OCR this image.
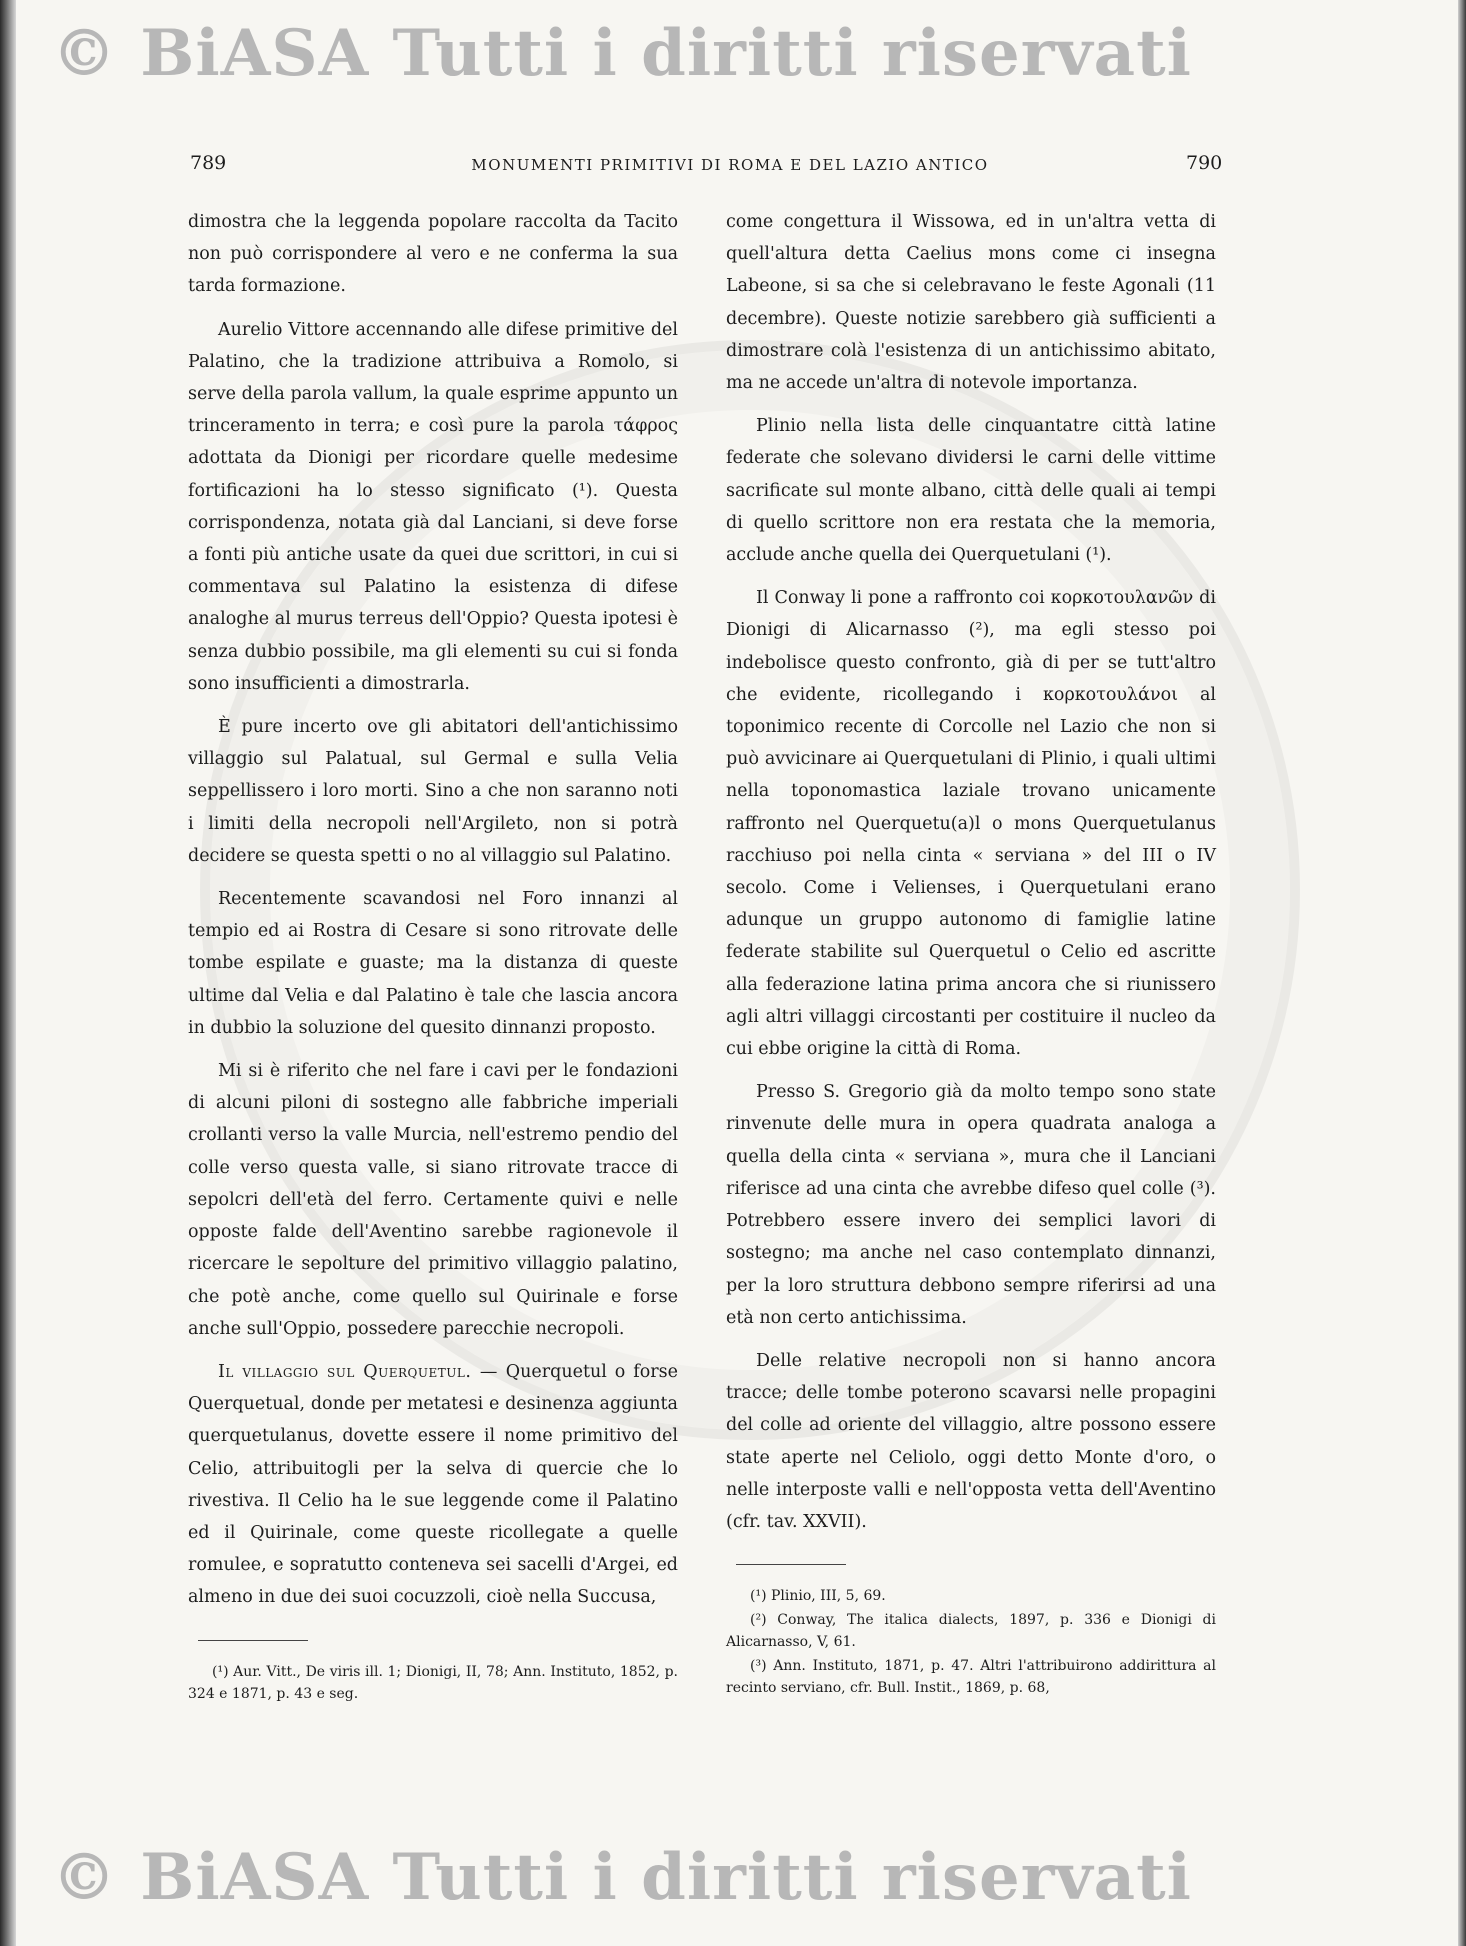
© BiASA Tutti i diritti riservati
789	MONUMENTI PRIMITIVI DI ROMA E DEL LAZIO ANTICO	790

dimostra che la leggenda popolare raccolta da Tacito non può corrispondere al vero e ne conferma la sua tarda formazione.

Aurelio Vittore accennando alle difese primitive del Palatino, che la tradizione attribuiva a Romolo, si serve della parola vallum, la quale esprime appunto un trinceramento in terra; e così pure la parola τάφρος adottata da Dionigi per ricordare quelle medesime fortificazioni ha lo stesso significato (¹). Questa corrispondenza, notata già dal Lanciani, si deve forse a fonti più antiche usate da quei due scrittori, in cui si commentava sul Palatino la esistenza di difese analoghe al murus terreus dell'Oppio? Questa ipotesi è senza dubbio possibile, ma gli elementi su cui si fonda sono insufficienti a dimostrarla.

È pure incerto ove gli abitatori dell'antichissimo villaggio sul Palatual, sul Germal e sulla Velia seppellissero i loro morti. Sino a che non saranno noti i limiti della necropoli nell'Argileto, non si potrà decidere se questa spetti o no al villaggio sul Palatino.

Recentemente scavandosi nel Foro innanzi al tempio ed ai Rostra di Cesare si sono ritrovate delle tombe espilate e guaste; ma la distanza di queste ultime dal Velia e dal Palatino è tale che lascia ancora in dubbio la soluzione del quesito dinnanzi proposto.

Mi si è riferito che nel fare i cavi per le fondazioni di alcuni piloni di sostegno alle fabbriche imperiali crollanti verso la valle Murcia, nell'estremo pendio del colle verso questa valle, si siano ritrovate tracce di sepolcri dell'età del ferro. Certamente quivi e nelle opposte falde dell'Aventino sarebbe ragionevole il ricercare le sepolture del primitivo villaggio palatino, che potè anche, come quello sul Quirinale e forse anche sull'Oppio, possedere parecchie necropoli.

Il villaggio sul Querquetul. — Querquetul o forse Querquetual, donde per metatesi e desinenza aggiunta querquetulanus, dovette essere il nome primitivo del Celio, attribuitogli per la selva di quercie che lo rivestiva. Il Celio ha le sue leggende come il Palatino ed il Quirinale, come queste ricollegate a quelle romulee, e sopratutto conteneva sei sacelli d'Argei, ed almeno in due dei suoi cocuzzoli, cioè nella Succusa,

(¹) Aur. Vitt., De viris ill. 1; Dionigi, II, 78; Ann. Instituto, 1852, p. 324 e 1871, p. 43 e seg.

come congettura il Wissowa, ed in un'altra vetta di quell'altura detta Caelius mons come ci insegna Labeone, si sa che si celebravano le feste Agonali (11 decembre). Queste notizie sarebbero già sufficienti a dimostrare colà l'esistenza di un antichissimo abitato, ma ne accede un'altra di notevole importanza.

Plinio nella lista delle cinquantatre città latine federate che solevano dividersi le carni delle vittime sacrificate sul monte albano, città delle quali ai tempi di quello scrittore non era restata che la memoria, acclude anche quella dei Querquetulani (¹).

Il Conway li pone a raffronto coi κορκοτουλανῶν di Dionigi di Alicarnasso (²), ma egli stesso poi indebolisce questo confronto, già di per se tutt'altro che evidente, ricollegando i κορκοτουλάνοι al toponimico recente di Corcolle nel Lazio che non si può avvicinare ai Querquetulani di Plinio, i quali ultimi nella toponomastica laziale trovano unicamente raffronto nel Querquetu(a)l o mons Querquetulanus racchiuso poi nella cinta « serviana » del III o IV secolo. Come i Velienses, i Querquetulani erano adunque un gruppo autonomo di famiglie latine federate stabilite sul Querquetul o Celio ed ascritte alla federazione latina prima ancora che si riunissero agli altri villaggi circostanti per costituire il nucleo da cui ebbe origine la città di Roma.

Presso S. Gregorio già da molto tempo sono state rinvenute delle mura in opera quadrata analoga a quella della cinta « serviana », mura che il Lanciani riferisce ad una cinta che avrebbe difeso quel colle (³). Potrebbero essere invero dei semplici lavori di sostegno; ma anche nel caso contemplato dinnanzi, per la loro struttura debbono sempre riferirsi ad una età non certo antichissima.

Delle relative necropoli non si hanno ancora tracce; delle tombe poterono scavarsi nelle propagini del colle ad oriente del villaggio, altre possono essere state aperte nel Celiolo, oggi detto Monte d'oro, o nelle interposte valli e nell'opposta vetta dell'Aventino (cfr. tav. XXVII).

(¹) Plinio, III, 5, 69.

(²) Conway, The italica dialects, 1897, p. 336 e Dionigi di Alicarnasso, V, 61.

(³) Ann. Instituto, 1871, p. 47. Altri l'attribuirono addirittura al recinto serviano, cfr. Bull. Instit., 1869, p. 68,

© BiASA Tutti i diritti riservati
